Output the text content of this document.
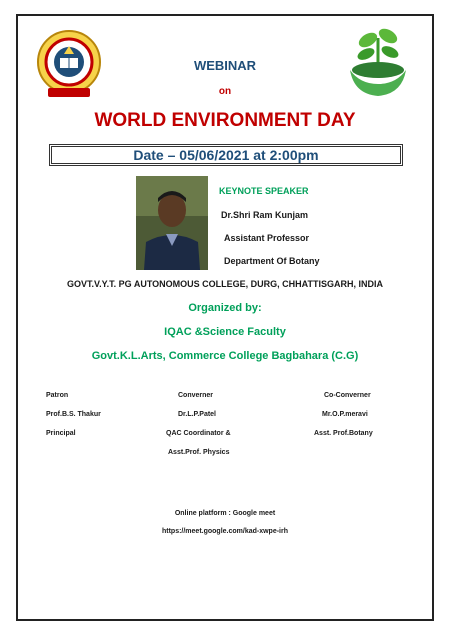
WEBINAR
on
WORLD ENVIRONMENT DAY
Date – 05/06/2021 at 2:00pm
KEYNOTE SPEAKER
Dr.Shri Ram Kunjam
Assistant Professor
Department Of Botany
GOVT.V.Y.T. PG AUTONOMOUS COLLEGE, DURG, CHHATTISGARH, INDIA
Organized by:
IQAC &Science Faculty
Govt.K.L.Arts, Commerce College Bagbahara (C.G)
Patron
Prof.B.S. Thakur
Principal
Converner
Dr.L.P.Patel
QAC Coordinator &
Asst.Prof. Physics
Co-Converner
Mr.O.P.meravi
Asst. Prof.Botany
Online platform : Google meet
https://meet.google.com/kad-xwpe-irh
